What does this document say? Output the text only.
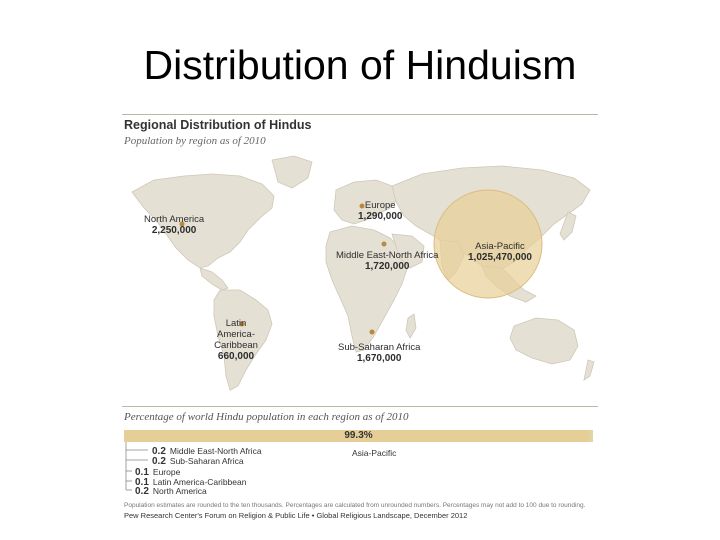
Distribution of Hinduism
Regional Distribution of Hindus
Population by region as of 2010
Europe
1,290,000
North America
2,250,000
Middle East-North Africa
1,720,000
Asia-Pacific
1,025,470,000
Latin America-Caribbean
660,000
Sub-Saharan Africa
1,670,000
Percentage of world Hindu population in each region as of 2010
99.3%
Asia-Pacific
0.2 Middle East-North Africa
0.2 Sub-Saharan Africa
0.1 Europe
0.1 Latin America-Caribbean
0.2 North America
Population estimates are rounded to the ten thousands. Percentages are calculated from unrounded numbers. Percentages may not add to 100 due to rounding.
Pew Research Center's Forum on Religion & Public Life • Global Religious Landscape, December 2012
